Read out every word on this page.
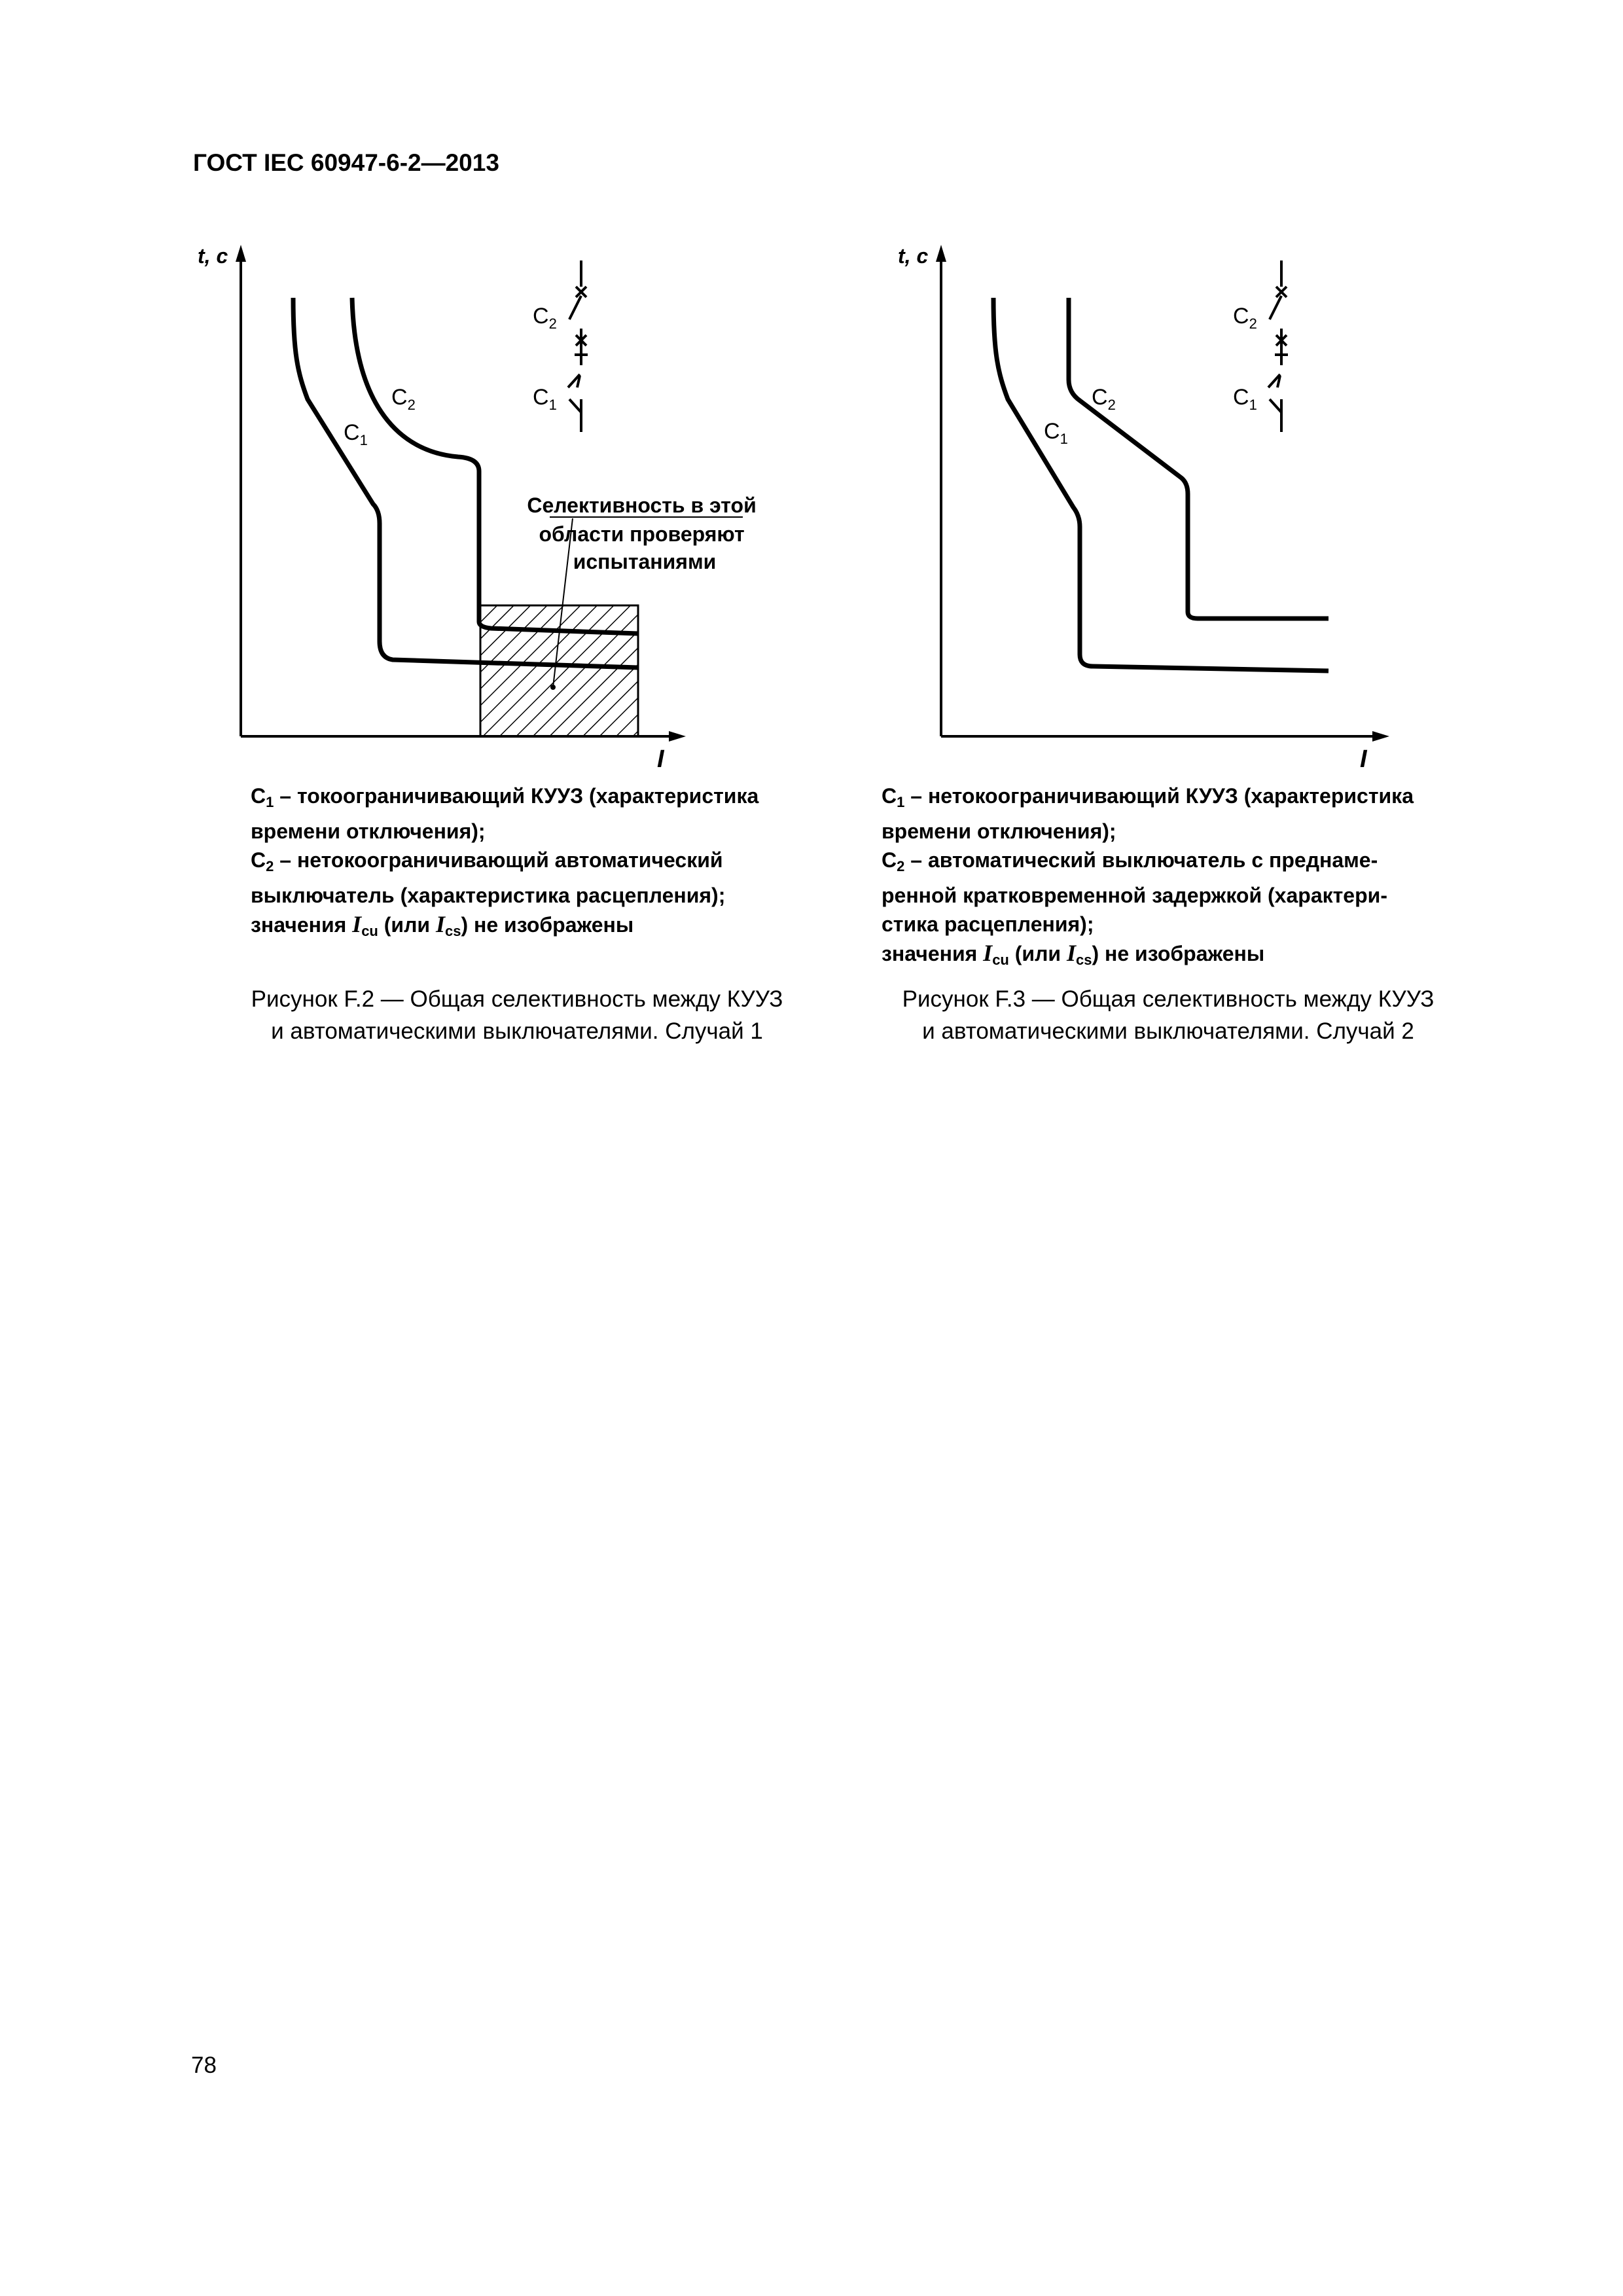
ГОСТ IEC 60947-6-2—2013
t, c
I
$C_1$
$C_2$
$C_2$
$C_1$
Селективность в этой области проверяют испытаниями
$C_1$ – токоограничивающий КУУЗ (характеристика
времени отключения);
$C_2$ – нетокоограничивающий автоматический
выключатель (характеристика расцепления);
значения $I_{cu}$ (или $I_{cs}$) не изображены
Рисунок F.2 — Общая селективность между КУУЗ
и автоматическими выключателями. Случай 1
t, c
I
$C_1$
$C_2$
$C_2$
$C_1$
$C_1$ – нетокоограничивающий КУУЗ (характеристика
времени отключения);
$C_2$ – автоматический выключатель с преднаме-
ренной кратковременной задержкой (характери-
стика расцепления);
значения $I_{cu}$ (или $I_{cs}$) не изображены
Рисунок F.3 — Общая селективность между КУУЗ
и автоматическими выключателями. Случай 2
78
